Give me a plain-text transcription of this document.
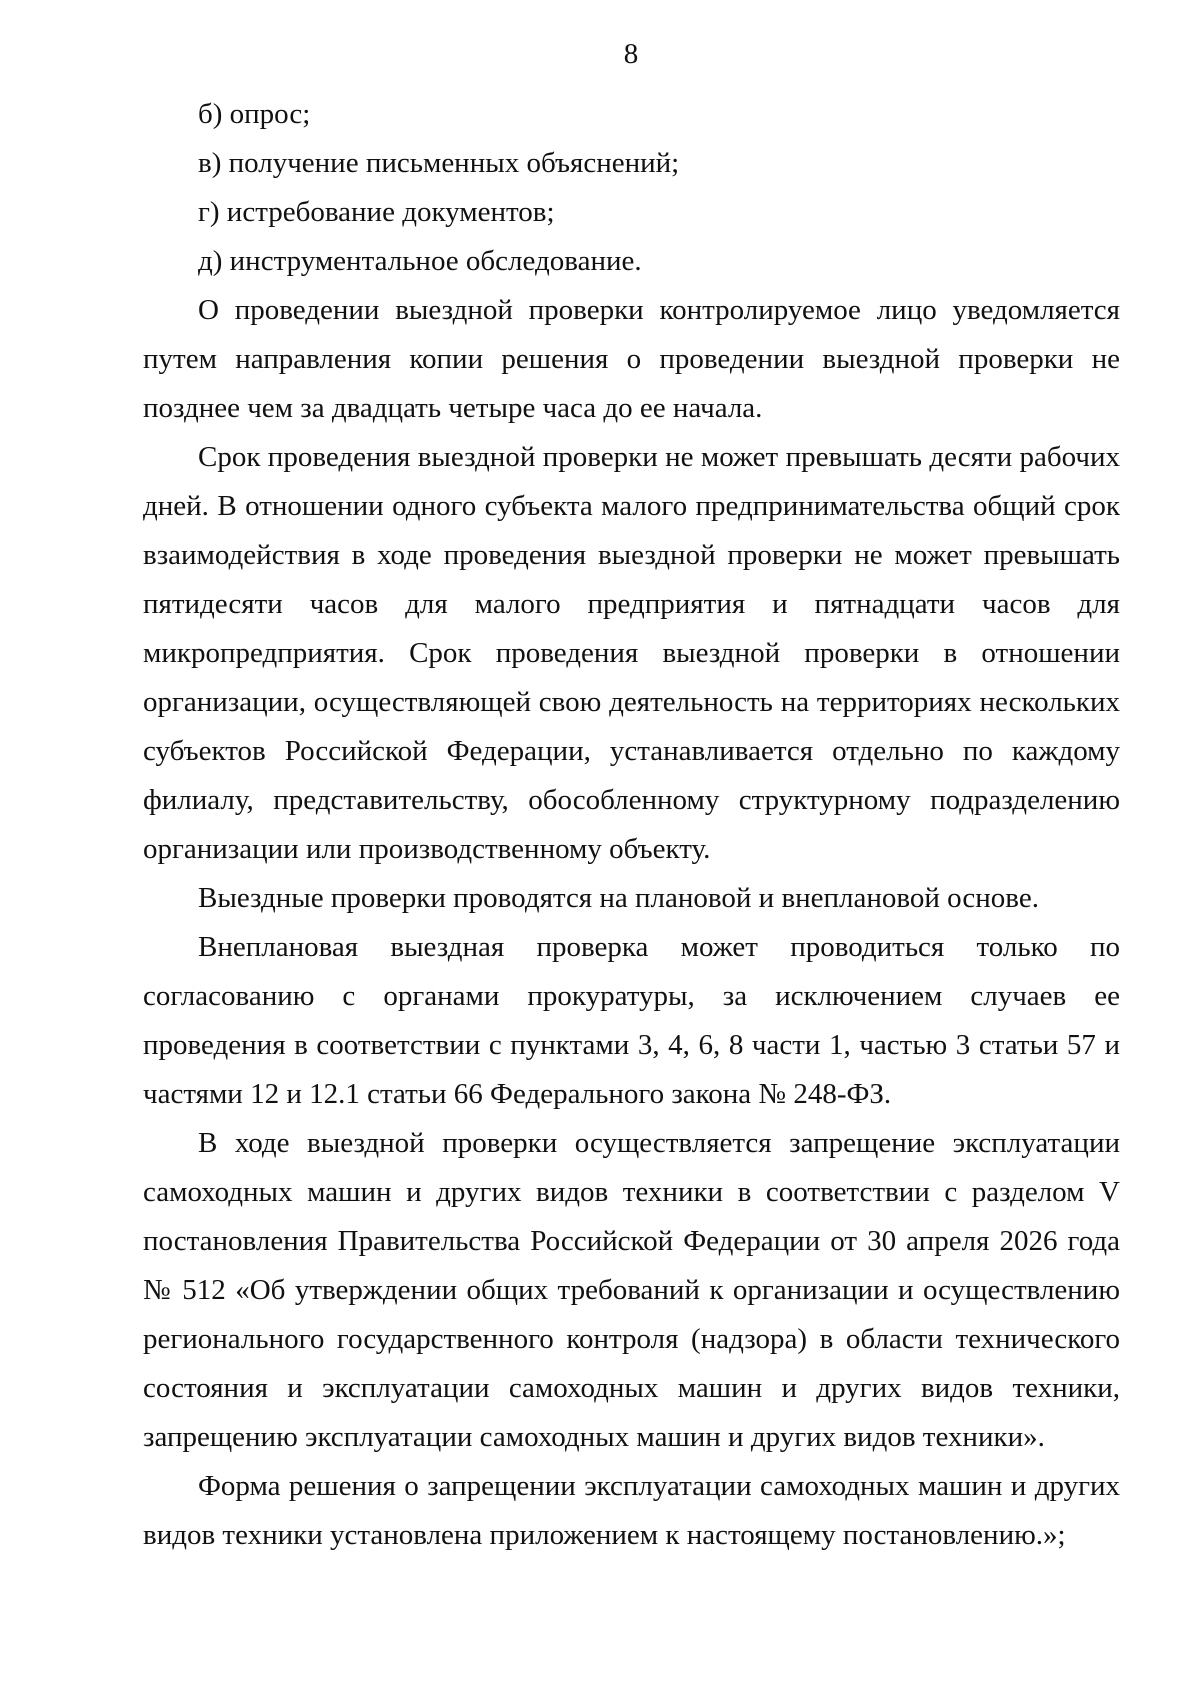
8

б) опрос;

в) получение письменных объяснений;

г) истребование документов;

д) инструментальное обследование.

О проведении выездной проверки контролируемое лицо уведомляется путем направления копии решения о проведении выездной проверки не позднее чем за двадцать четыре часа до ее начала.

Срок проведения выездной проверки не может превышать десяти рабочих дней. В отношении одного субъекта малого предпринимательства общий срок взаимодействия в ходе проведения выездной проверки не может превышать пятидесяти часов для малого предприятия и пятнадцати часов для микропредприятия. Срок проведения выездной проверки в отношении организации, осуществляющей свою деятельность на территориях нескольких субъектов Российской Федерации, устанавливается отдельно по каждому филиалу, представительству, обособленному структурному подразделению организации или производственному объекту.

Выездные проверки проводятся на плановой и внеплановой основе.

Внеплановая выездная проверка может проводиться только по согласованию с органами прокуратуры, за исключением случаев ее проведения в соответствии с пунктами 3, 4, 6, 8 части 1, частью 3 статьи 57 и частями 12 и 12.1 статьи 66 Федерального закона № 248-ФЗ.

В ходе выездной проверки осуществляется запрещение эксплуатации самоходных машин и других видов техники в соответствии с разделом V постановления Правительства Российской Федерации от 30 апреля 2026 года № 512 «Об утверждении общих требований к организации и осуществлению регионального государственного контроля (надзора) в области технического состояния и эксплуатации самоходных машин и других видов техники, запрещению эксплуатации самоходных машин и других видов техники».

Форма решения о запрещении эксплуатации самоходных машин и других видов техники установлена приложением к настоящему постановлению.»;
